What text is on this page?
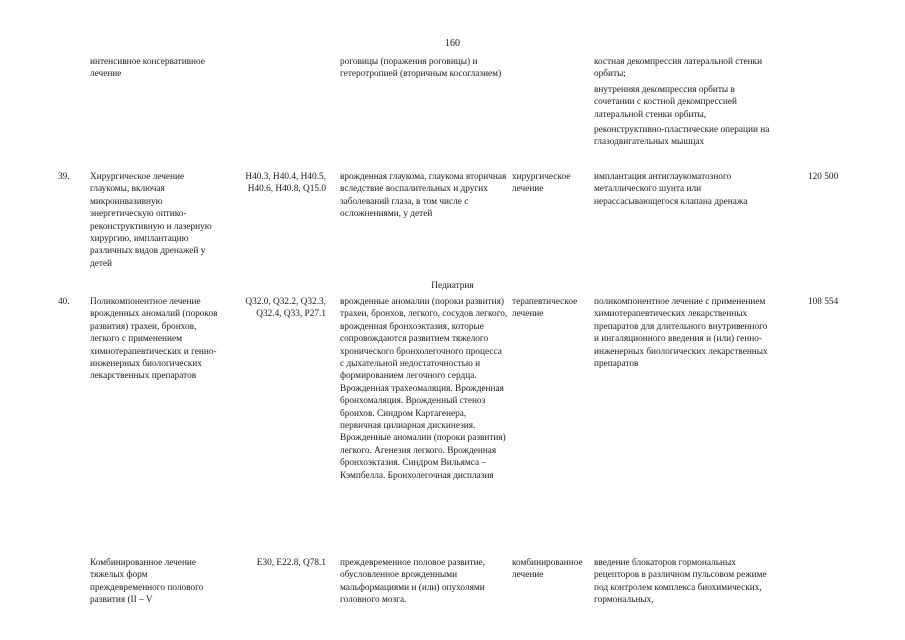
160
интенсивное консервативное лечение
роговицы (поражения роговицы) и гетеротропией (вторичным косоглазием)

костная декомпрессия латеральной стенки орбиты;

внутренняя декомпрессия орбиты в сочетании с костной декомпрессией латеральной стенки орбиты,

реконструктивно-пластические операции на глазодвигательных мышцах

39.	Хирургическое лечение глаукомы, включая микроинвазивную энергетическую оптико-реконструктивную и лазерную хирургию, имплантацию различных видов дренажей у детей
H40.3, H40.4, H40.5, H40.6, H40.8, Q15.0
врожденная глаукома, глаукома вторичная вследствие воспалительных и других заболеваний глаза, в том числе с осложнениями, у детей
хирургическое лечение
имплантация антиглаукоматозного металлического шунта или нерассасывающегося клапана дренажа
120 500
Педиатрия
40.	Поликомпонентное лечение врожденных аномалий (пороков развития) трахеи, бронхов, легкого с применением химиотерапевтических и генно-инженерных биологических лекарственных препаратов
Q32.0, Q32.2, Q32.3, Q32.4, Q33, P27.1
врожденные аномалии (пороки развития) трахеи, бронхов, легкого, сосудов легкого, врожденная бронхоэктазия, которые сопровождаются развитием тяжелого хронического бронхолегочного процесса с дыхательной недостаточностью и формированием легочного сердца. Врожденная трахеомаляция. Врожденная бронхомаляция. Врожденный стеноз бронхов. Синдром Картагенера, первичная цилиарная дискинезия. Врожденные аномалии (пороки развития) легкого. Агенезия легкого. Врожденная бронхоэктазия. Синдром Вильямса – Кэмпбелла. Бронхолегочная дисплазия
терапевтическое лечение
поликомпонентное лечение с применением химиотерапевтических лекарственных препаратов для длительного внутривенного и ингаляционного введения и (или) генно-инженерных биологических лекарственных препаратов
108 554
Комбинированное лечение тяжелых форм преждевременного полового развития (II – V
E30, E22.8, Q78.1 преждевременное половое развитие, обусловленное врожденными мальформациями и (или) опухолями головного мозга.
комбинированное лечение
введение блокаторов гормональных рецепторов в различном пульсовом режиме под контролем комплекса биохимических, гормональных,
